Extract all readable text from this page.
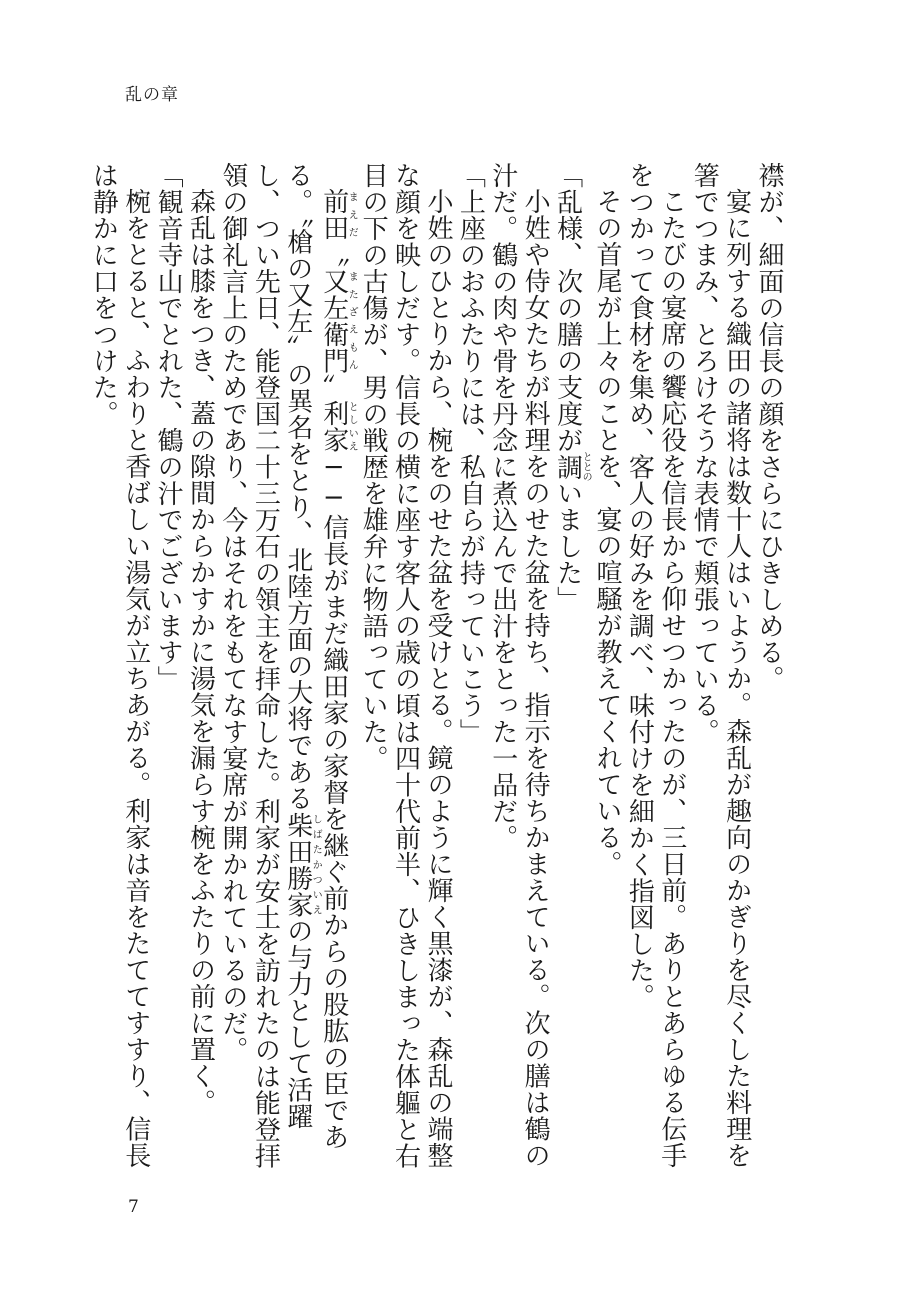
乱の章

襟が、細面の信長の顔をさらにひきしめる。

宴に列する織田の諸将は数十人はいようか。森乱が趣向のかぎりを尽くした料理を箸でつまみ、とろけそうな表情で頬張っている。

こたびの宴席の饗応役を信長から仰せつかったのが、三日前。ありとあらゆる伝手をつかって食材を集め、客人の好みを調べ、味付けを細かく指図した。

その首尾が上々のことを、宴の喧騒が教えてくれている。

「乱様、次の膳の支度が調ととのいました」

小姓や侍女たちが料理をのせた盆を持ち、指示を待ちかまえている。次の膳は鶴の汁だ。鶴の肉や骨を丹念に煮込んで出汁をとった一品だ。

「上座のおふたりには、私自らが持っていこう」

小姓のひとりから、椀をのせた盆を受けとる。鏡のように輝く黒漆が、森乱の端整な顔を映しだす。信長の横に座す客人の歳の頃は四十代前半、ひきしまった体軀と右目の下の古傷が、男の戦歴を雄弁に物語っていた。

前田まえだ〝又左衛門またざえもん〟利家としいえ──信長がまだ織田家の家督を継ぐ前からの股肱の臣である。〝槍の又左〟の異名をとり、北陸方面の大将である柴田勝家しばたかついえの与力として活躍し、つい先日、能登国二十三万石の領主を拝命した。利家が安土を訪れたのは能登拝領の御礼言上のためであり、今はそれをもてなす宴席が開かれているのだ。

森乱は膝をつき、蓋の隙間からかすかに湯気を漏らす椀をふたりの前に置く。

「観音寺山でとれた、鶴の汁でございます」

椀をとると、ふわりと香ばしい湯気が立ちあがる。利家は音をたててすすり、信長は静かに口をつけた。

7
